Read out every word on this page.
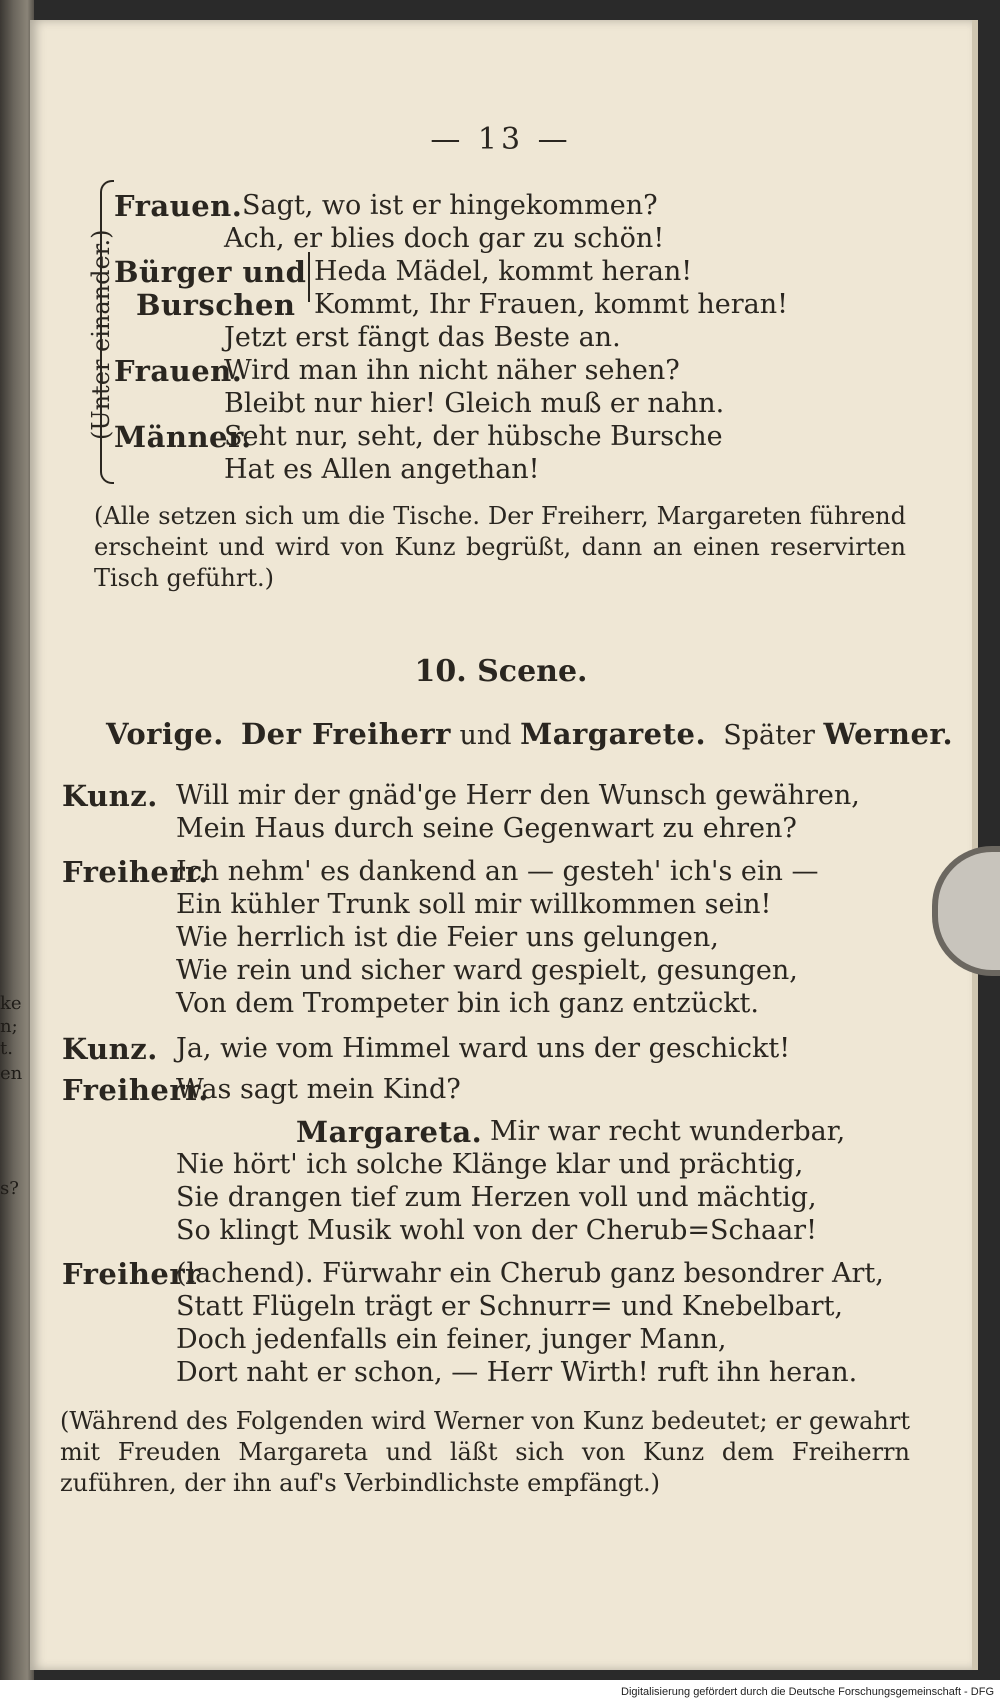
ke
n;
t.
en
s?
— 13 —
(Unter einander.)
Frauen. Sagt, wo ist er hingekommen?
Ach, er blies doch gar zu schön!
Bürger und Heda Mädel, kommt heran!
Burschen Kommt, Ihr Frauen, kommt heran!
Jetzt erst fängt das Beste an.
Frauen.
Wird man ihn nicht näher sehen?
Bleibt nur hier! Gleich muß er nahn.
Männer.
Seht nur, seht, der hübsche Bursche
Hat es Allen angethan!
(Alle setzen sich um die Tische. Der Freiherr, Margareten führend erscheint und wird von Kunz begrüßt, dann an einen reservirten Tisch geführt.)
10. Scene.
Vorige. Der Freiherr und Margarete. Später Werner.
Kunz. Will mir der gnäd'ge Herr den Wunsch gewähren,
Mein Haus durch seine Gegenwart zu ehren?
Freiherr.
Ich nehm' es dankend an — gesteh' ich's ein —
Ein kühler Trunk soll mir willkommen sein!
Wie herrlich ist die Feier uns gelungen,
Wie rein und sicher ward gespielt, gesungen,
Von dem Trompeter bin ich ganz entzückt.
Kunz. Ja, wie vom Himmel ward uns der geschickt!
Freiherr.
Was sagt mein Kind?
Margareta. Mir war recht wunderbar,
Nie hört' ich solche Klänge klar und prächtig,
Sie drangen tief zum Herzen voll und mächtig,
So klingt Musik wohl von der Cherub=Schaar!
Freiherr
(lachend). Fürwahr ein Cherub ganz besondrer Art,
Statt Flügeln trägt er Schnurr= und Knebelbart,
Doch jedenfalls ein feiner, junger Mann,
Dort naht er schon, — Herr Wirth! ruft ihn heran.
(Während des Folgenden wird Werner von Kunz bedeutet; er gewahrt mit Freuden Margareta und läßt sich von Kunz dem Freiherrn zuführen, der ihn auf's Verbindlichste empfängt.)
Digitalisierung gefördert durch die Deutsche Forschungsgemeinschaft - DFG
